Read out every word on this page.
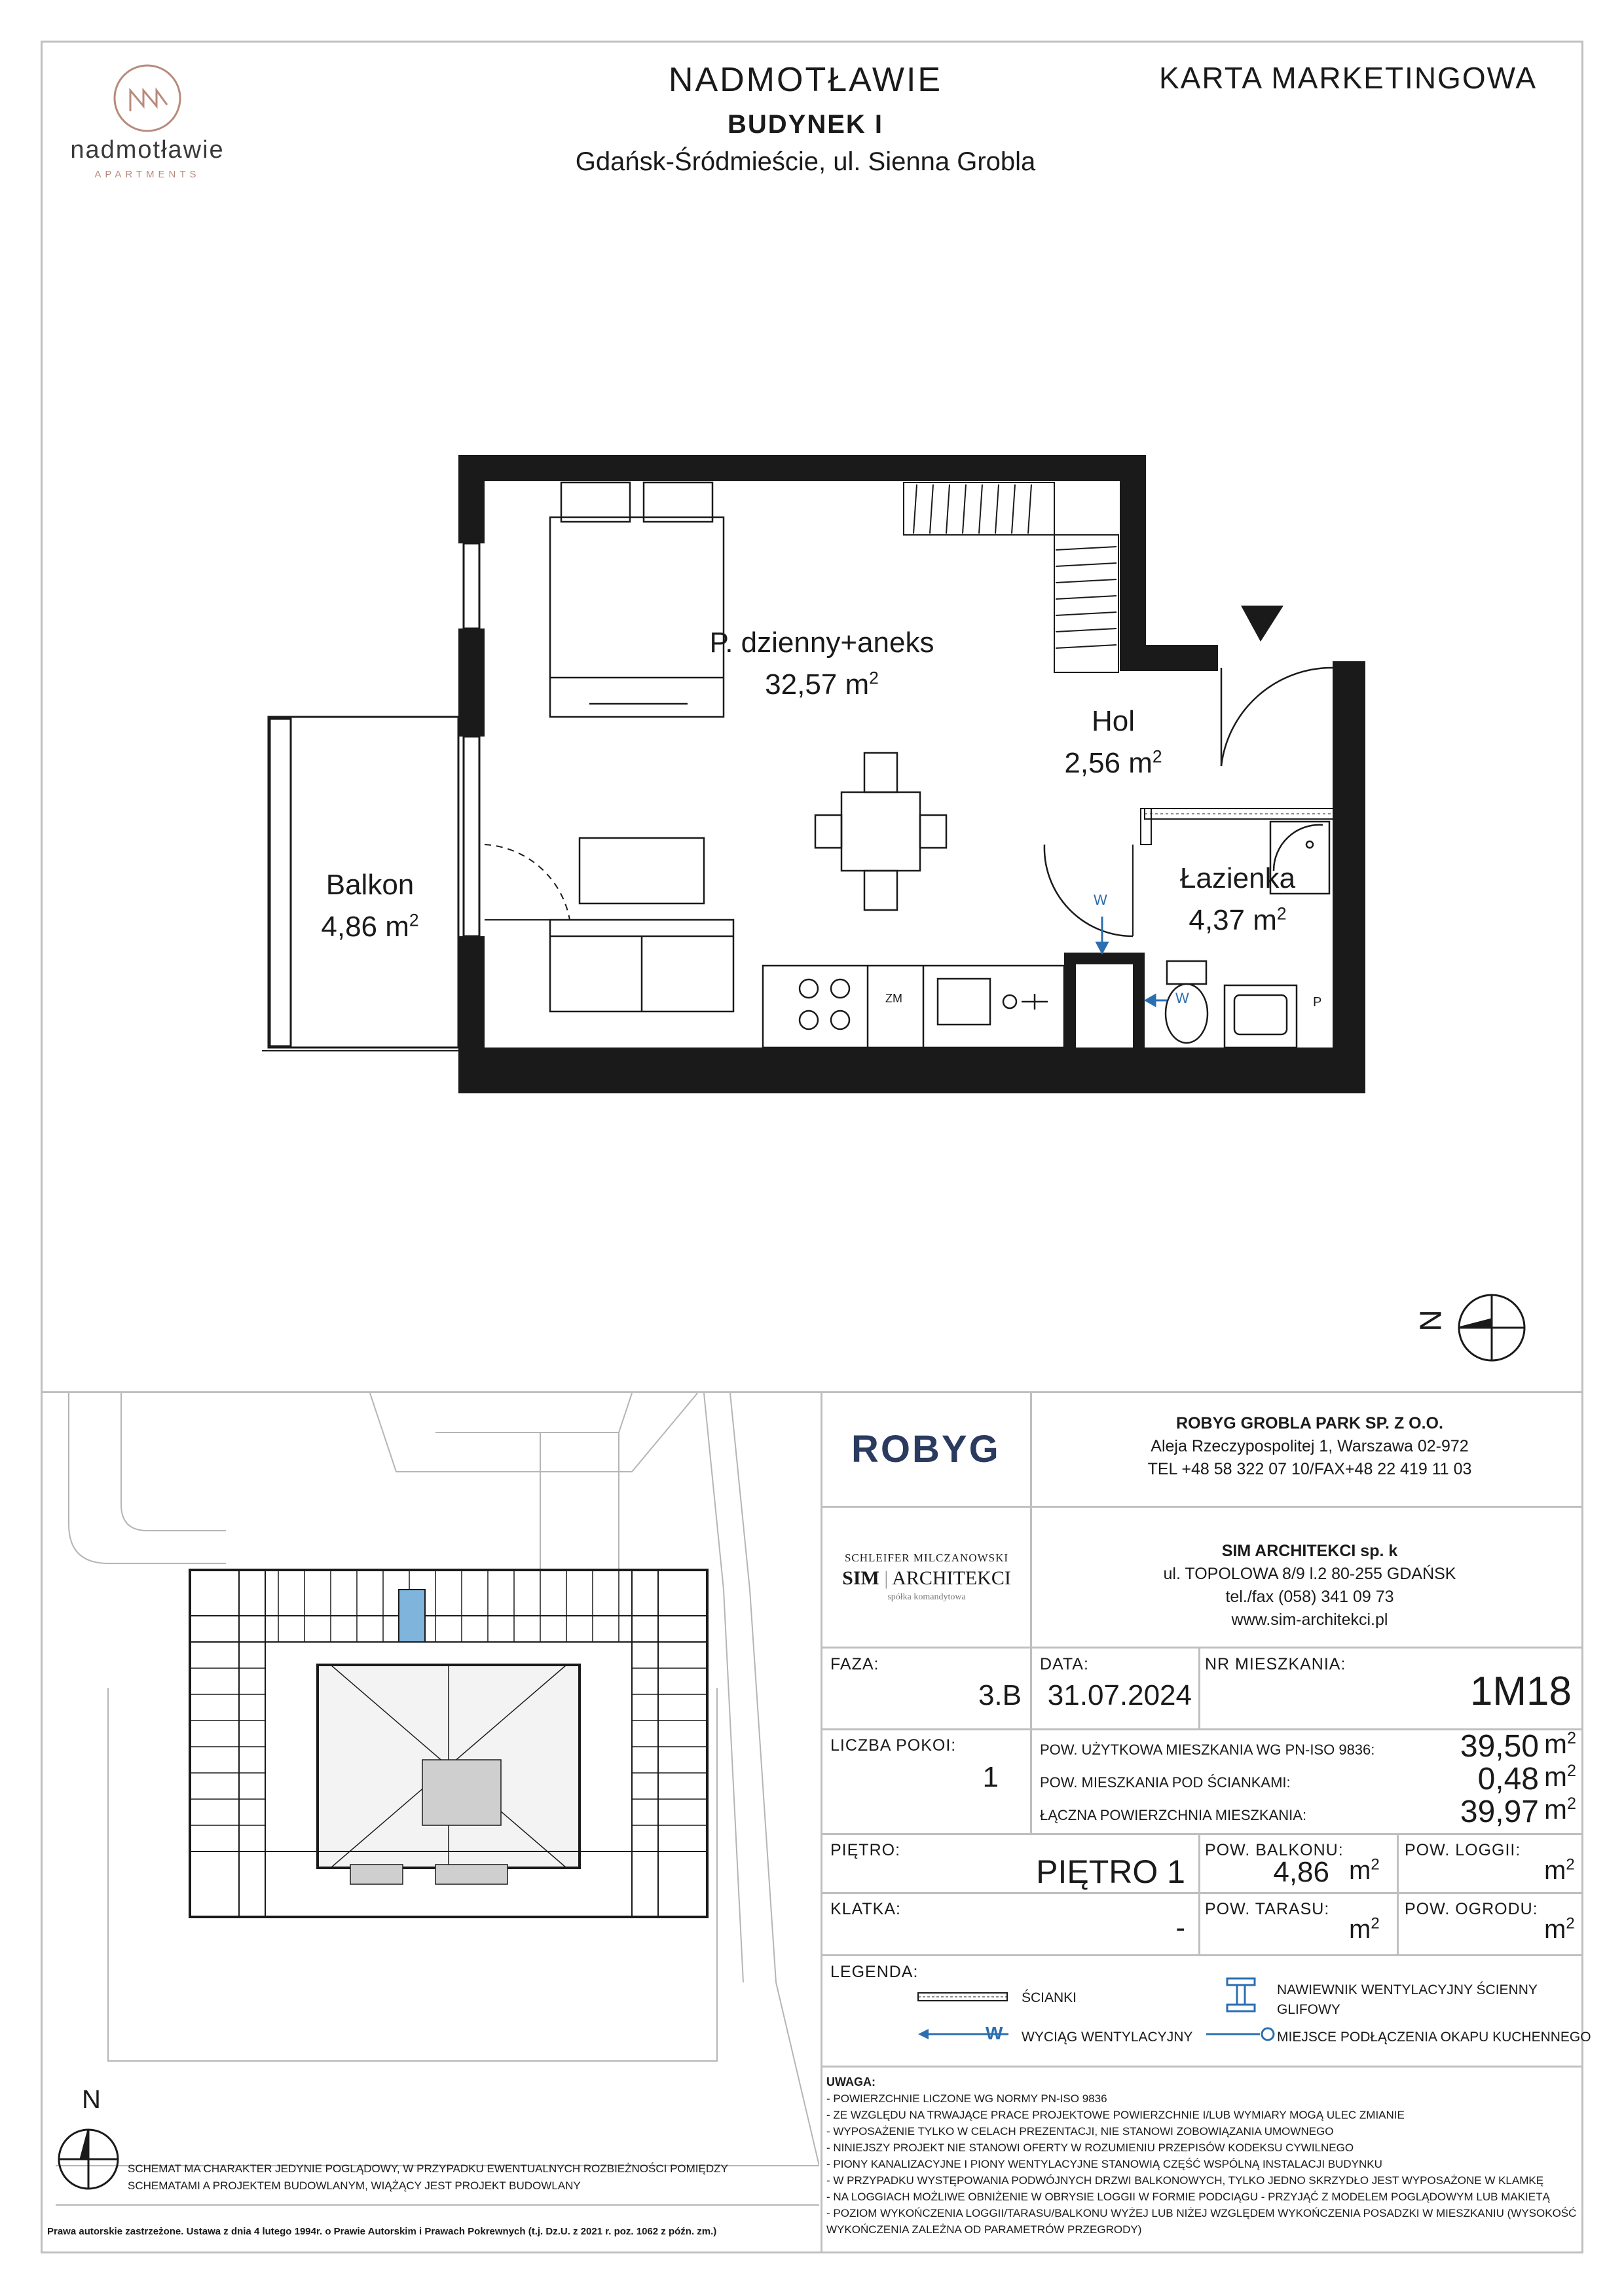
nadmotławie
APARTMENTS
NADMOTŁAWIE
BUDYNEK I
Gdańsk-Śródmieście, ul. Sienna Grobla
KARTA MARKETINGOWA
P. dzienny+aneks
32,57 $m^2$
Hol
2,56 $m^2$
Łazienka
4,37 $m^2$
Balkon
4,86 $m^2$
W
W
ZM	P
N
N
SCHEMAT MA CHARAKTER JEDYNIE POGLĄDOWY, W PRZYPADKU EWENTUALNYCH ROZBIEŻNOŚCI POMIĘDZY SCHEMATAMI A PROJEKTEM BUDOWLANYM, WIĄŻĄCY JEST PROJEKT BUDOWLANY
Prawa autorskie zastrzeżone. Ustawa z dnia 4 lutego 1994r. o Prawie Autorskim i Prawach Pokrewnych (t.j. Dz.U. z 2021 r. poz. 1062 z późn. zm.)
ROBYG
ROBYG GROBLA PARK SP. Z O.O.
Aleja Rzeczypospolitej 1, Warszawa 02-972
TEL +48 58 322 07 10/FAX+48 22 419 11 03
SCHLEIFER MILCZANOWSKI
SIM | ARCHITEKCI
spółka komandytowa
SIM ARCHITEKCI sp. k
ul. TOPOLOWA 8/9 l.2 80-255 GDAŃSK
tel./fax (058) 341 09 73
www.sim-architekci.pl
FAZA:
3.B
DATA:
31.07.2024
NR MIESZKANIA:
1M18
LICZBA POKOI:
1
POW. UŻYTKOWA MIESZKANIA WG PN-ISO 9836:	39,50 $m^2$
POW. MIESZKANIA POD ŚCIANKAMI:	0,48 $m^2$
ŁĄCZNA POWIERZCHNIA MIESZKANIA:	39,97 $m^2$
PIĘTRO:
PIĘTRO 1
POW. BALKONU:
4,86 $m^2$
POW. LOGGII:
$m^2$
KLATKA:
-
POW. TARASU:
$m^2$
POW. OGRODU:
$m^2$
LEGENDA:
ŚCIANKI
W WYCIĄG WENTYLACYJNY
NAWIEWNIK WENTYLACYJNY ŚCIENNY
GLIFOWY
MIEJSCE PODŁĄCZENIA OKAPU KUCHENNEGO
UWAGA:
- POWIERZCHNIE LICZONE WG NORMY PN-ISO 9836
- ZE WZGLĘDU NA TRWAJĄCE PRACE PROJEKTOWE POWIERZCHNIE I/LUB WYMIARY MOGĄ ULEC ZMIANIE
- WYPOSAŻENIE TYLKO W CELACH PREZENTACJI, NIE STANOWI ZOBOWIĄZANIA UMOWNEGO
- NINIEJSZY PROJEKT NIE STANOWI OFERTY W ROZUMIENIU PRZEPISÓW KODEKSU CYWILNEGO
- PIONY KANALIZACYJNE I PIONY WENTYLACYJNE STANOWIĄ CZĘŚĆ WSPÓLNĄ INSTALACJI BUDYNKU
- W PRZYPADKU WYSTĘPOWANIA PODWÓJNYCH DRZWI BALKONOWYCH, TYLKO JEDNO SKRZYDŁO JEST WYPOSAŻONE W KLAMKĘ
- NA LOGGIACH MOŻLIWE OBNIŻENIE W OBRYSIE LOGGII W FORMIE PODCIĄGU - PRZYJĄĆ Z MODELEM POGLĄDOWYM LUB MAKIETĄ
- POZIOM WYKOŃCZENIA LOGGII/TARASU/BALKONU WYŻEJ LUB NIŻEJ WZGLĘDEM WYKOŃCZENIA POSADZKI W MIESZKANIU (WYSOKOŚĆ WYKOŃCZENIA ZALEŻNA OD PARAMETRÓW PRZEGRODY)
